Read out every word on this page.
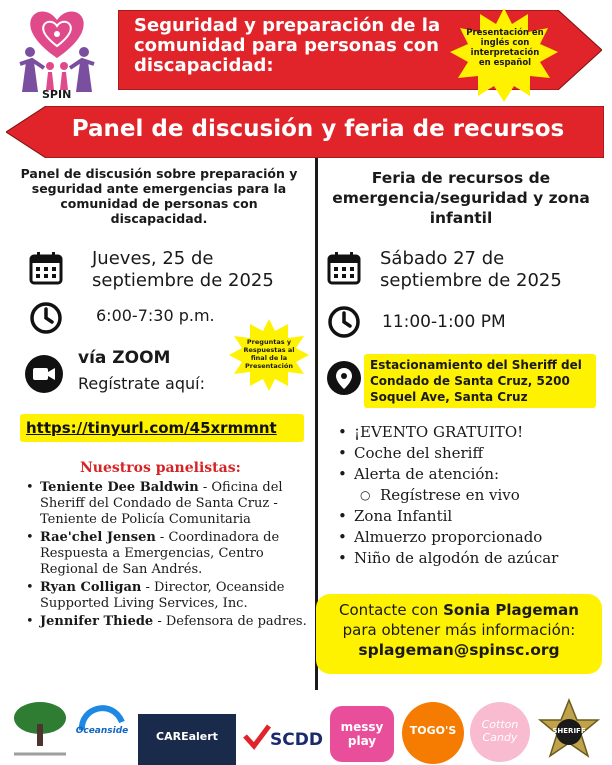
SPIN
Seguridad y preparación de la comunidad para personas con discapacidad:
Presentación en inglés con interpretación en español
Panel de discusión y feria de recursos
Panel de discusión sobre preparación y seguridad ante emergencias para la comunidad de personas con discapacidad.
Jueves, 25 de septiembre de 2025
6:00-7:30 p.m.
vía ZOOM
Regístrate aquí:
Preguntas y Respuestas al final de la Presentación
https://tinyurl.com/45xrmmnt
Nuestros panelistas:
• Teniente Dee Baldwin - Oficina del Sheriff del Condado de Santa Cruz - Teniente de Policía Comunitaria
• Rae'chel Jensen - Coordinadora de Respuesta a Emergencias, Centro Regional de San Andrés.
• Ryan Colligan - Director, Oceanside Supported Living Services, Inc.
• Jennifer Thiede - Defensora de padres.
Feria de recursos de emergencia/seguridad y zona infantil
Sábado 27 de septiembre de 2025
11:00-1:00 PM
Estacionamiento del Sheriff del Condado de Santa Cruz, 5200 Soquel Ave, Santa Cruz
• ¡EVENTO GRATUITO!
• Coche del sheriff
• Alerta de atención:
○ Regístrese en vivo
• Zona Infantil
• Almuerzo proporcionado
• Niño de algodón de azúcar
Contacte con Sonia Plageman
para obtener más información:
splageman@spinsc.org
Oceanside	CAREalert	SCDD
messy play
TOGO'S	Cotton Candy	SHERIFF
